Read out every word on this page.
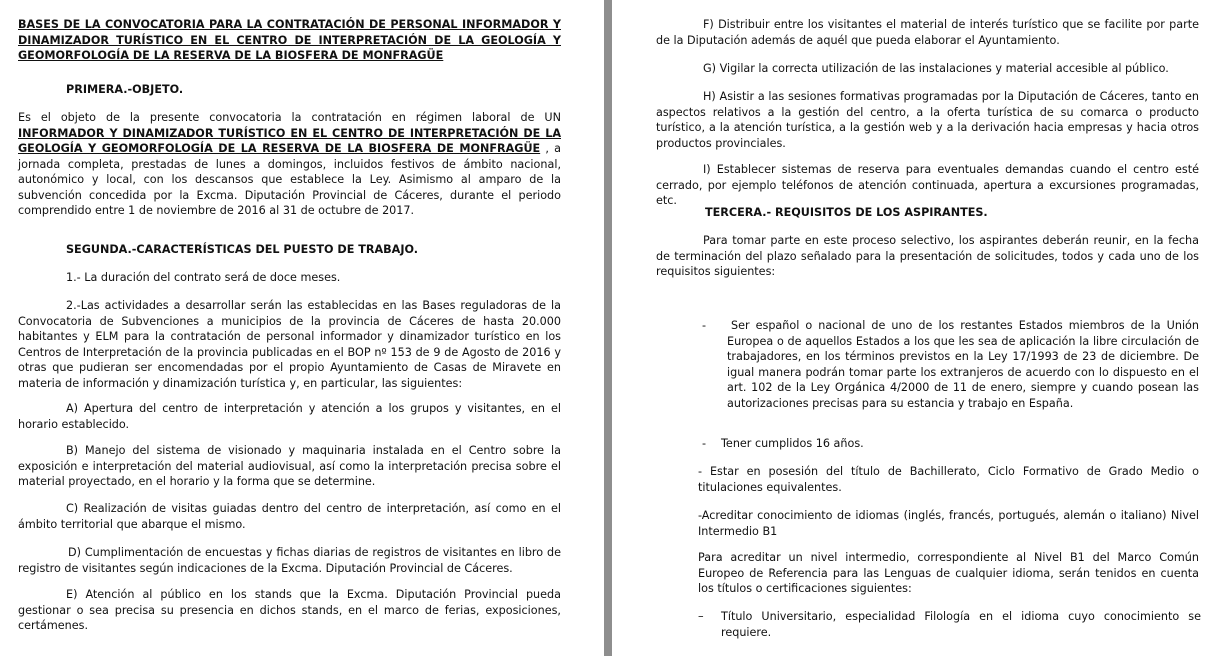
BASES DE LA CONVOCATORIA PARA LA CONTRATACIÓN DE PERSONAL INFORMADOR Y DINAMIZADOR TURÍSTICO EN EL CENTRO DE INTERPRETACIÓN DE LA GEOLOGÍA Y GEOMORFOLOGÍA DE LA RESERVA DE LA BIOSFERA DE MONFRAGÜE

PRIMERA.-OBJETO.

Es el objeto de la presente convocatoria la contratación en régimen laboral de UN INFORMADOR Y DINAMIZADOR TURÍSTICO EN EL CENTRO DE INTERPRETACIÓN DE LA GEOLOGÍA Y GEOMORFOLOGÍA DE LA RESERVA DE LA BIOSFERA DE MONFRAGÜE , a jornada completa, prestadas de lunes a domingos, incluidos festivos de ámbito nacional, autonómico y local, con los descansos que establece la Ley. Asimismo al amparo de la subvención concedida por la Excma. Diputación Provincial de Cáceres, durante el periodo comprendido entre 1 de noviembre de 2016 al 31 de octubre de 2017.

SEGUNDA.-CARACTERÍSTICAS DEL PUESTO DE TRABAJO.

1.- La duración del contrato será de doce meses.

2.-Las actividades a desarrollar serán las establecidas en las Bases reguladoras de la Convocatoria de Subvenciones a municipios de la provincia de Cáceres de hasta 20.000 habitantes y ELM para la contratación de personal informador y dinamizador turístico en los Centros de Interpretación de la provincia publicadas en el BOP nº 153 de 9 de Agosto de 2016 y otras que pudieran ser encomendadas por el propio Ayuntamiento de Casas de Miravete en materia de información y dinamización turística y, en particular, las siguientes:

A) Apertura del centro de interpretación y atención a los grupos y visitantes, en el horario establecido.

B) Manejo del sistema de visionado y maquinaria instalada en el Centro sobre la exposición e interpretación del material audiovisual, así como la interpretación precisa sobre el material proyectado, en el horario y la forma que se determine.

C) Realización de visitas guiadas dentro del centro de interpretación, así como en el ámbito territorial que abarque el mismo.

D) Cumplimentación de encuestas y fichas diarias de registros de visitantes en libro de registro de visitantes según indicaciones de la Excma. Diputación Provincial de Cáceres.

E) Atención al público en los stands que la Excma. Diputación Provincial pueda gestionar o sea precisa su presencia en dichos stands, en el marco de ferias, exposiciones, certámenes.

F) Distribuir entre los visitantes el material de interés turístico que se facilite por parte de la Diputación además de aquél que pueda elaborar el Ayuntamiento.

G) Vigilar la correcta utilización de las instalaciones y material accesible al público.

H) Asistir a las sesiones formativas programadas por la Diputación de Cáceres, tanto en aspectos relativos a la gestión del centro, a la oferta turística de su comarca o producto turístico, a la atención turística, a la gestión web y a la derivación hacia empresas y hacia otros productos provinciales.

I) Establecer sistemas de reserva para eventuales demandas cuando el centro esté cerrado, por ejemplo teléfonos de atención continuada, apertura a excursiones programadas, etc.

TERCERA.- REQUISITOS DE LOS ASPIRANTES.

Para tomar parte en este proceso selectivo, los aspirantes deberán reunir, en la fecha de terminación del plazo señalado para la presentación de solicitudes, todos y cada uno de los requisitos siguientes:

-	Ser español o nacional de uno de los restantes Estados miembros de la Unión Europea o de aquellos Estados a los que les sea de aplicación la libre circulación de trabajadores, en los términos previstos en la Ley 17/1993 de 23 de diciembre. De igual manera podrán tomar parte los extranjeros de acuerdo con lo dispuesto en el art. 102 de la Ley Orgánica 4/2000 de 11 de enero, siempre y cuando posean las autorizaciones precisas para su estancia y trabajo en España.

- Tener cumplidos 16 años.

- Estar en posesión del título de Bachillerato, Ciclo Formativo de Grado Medio o titulaciones equivalentes.

-Acreditar conocimiento de idiomas (inglés, francés, portugués, alemán o italiano) Nivel Intermedio B1

Para acreditar un nivel intermedio, correspondiente al Nivel B1 del Marco Común Europeo de Referencia para las Lenguas de cualquier idioma, serán tenidos en cuenta los títulos o certificaciones siguientes:

– Título Universitario, especialidad Filología en el idioma cuyo conocimiento se requiere.
